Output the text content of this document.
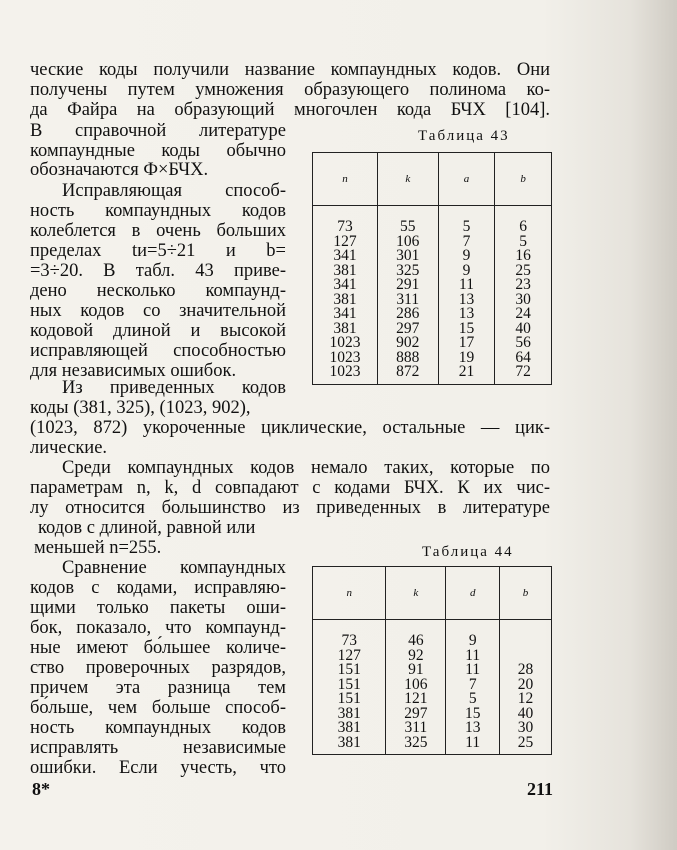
ческие коды получили название компаундных кодов. Они
получены путем умножения образующего полинома ко-
да Файра на образующий многочлен кода БЧХ [104].
В справочной литературе
компаундные коды обычно
обозначаются Ф×БЧХ.
Исправляющая способ-
ность компаундных кодов
колеблется в очень больших
пределах tи=5÷21 и b=
=3÷20. В табл. 43 приве-
дено несколько компаунд-
ных кодов со значительной
кодовой длиной и высокой
исправляющей способностью
для независимых ошибок.
Из приведенных кодов
коды (381, 325), (1023, 902),
(1023, 872) укороченные циклические, остальные — цик-
лические.
Среди компаундных кодов немало таких, которые по
параметрам n, k, d совпадают с кодами БЧХ. К их чис-
лу относится большинство из приведенных в литературе
кодов с длиной, равной или
меньшей n=255.
Сравнение компаундных
кодов с кодами, исправляю-
щими только пакеты оши-
бок, показало, что компаунд-
ные имеют бо́льшее количе-
ство проверочных разрядов,
причем эта разница тем
бо́льше, чем больше способ-
ность компаундных кодов
исправлять независимые
ошибки. Если учесть, что
Таблица 43
n	k	a	b
73	55	5	6
127	106	7	5
341	301	9	16
381	325	9	25
341	291	11	23
381	311	13	30
341	286	13	24
381	297	15	40
1023	902	17	56
1023	888	19	64
1023	872	21	72
Таблица 44
n	k	d	b
73	46	9	
127	92	11	
151	91	11	28
151	106	7	20
151	121	5	12
381	297	15	40
381	311	13	30
381	325	11	25
8*	211
